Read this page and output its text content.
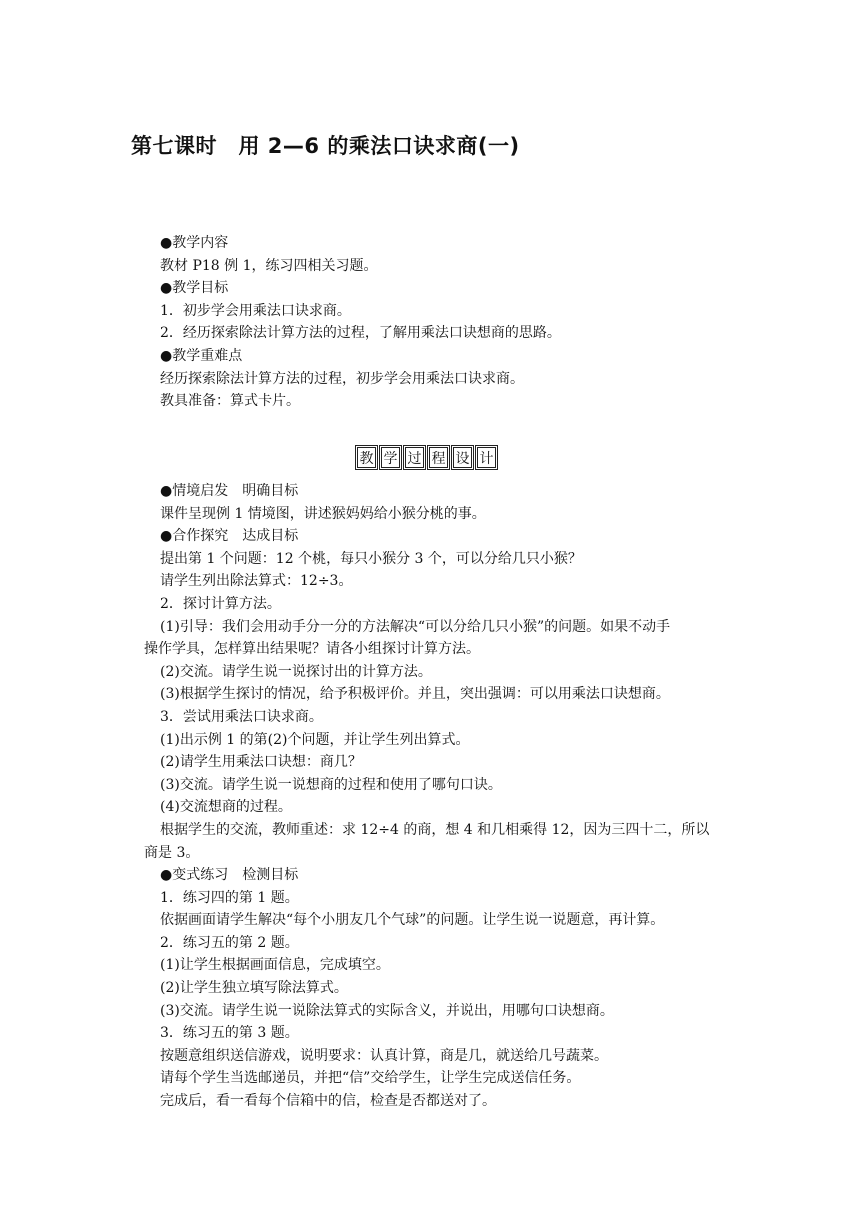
第七课时　用 2—6 的乘法口诀求商(一)
●教学内容
教材 P18 例 1，练习四相关习题。
●教学目标
1．初步学会用乘法口诀求商。
2．经历探索除法计算方法的过程，了解用乘法口诀想商的思路。
●教学重难点
经历探索除法计算方法的过程，初步学会用乘法口诀求商。
教具准备：算式卡片。
教 学 过 程 设 计
●情境启发　明确目标
课件呈现例 1 情境图，讲述猴妈妈给小猴分桃的事。
●合作探究　达成目标
提出第 1 个问题：12 个桃，每只小猴分 3 个，可以分给几只小猴？
请学生列出除法算式：12÷3。
2．探讨计算方法。
(1)引导：我们会用动手分一分的方法解决“可以分给几只小猴”的问题。如果不动手
操作学具，怎样算出结果呢？请各小组探讨计算方法。
(2)交流。请学生说一说探讨出的计算方法。
(3)根据学生探讨的情况，给予积极评价。并且，突出强调：可以用乘法口诀想商。
3．尝试用乘法口诀求商。
(1)出示例 1 的第(2)个问题，并让学生列出算式。
(2)请学生用乘法口诀想：商几？
(3)交流。请学生说一说想商的过程和使用了哪句口诀。
(4)交流想商的过程。
根据学生的交流，教师重述：求 12÷4 的商，想 4 和几相乘得 12，因为三四十二，所以
商是 3。
●变式练习　检测目标
1．练习四的第 1 题。
依据画面请学生解决“每个小朋友几个气球”的问题。让学生说一说题意，再计算。
2．练习五的第 2 题。
(1)让学生根据画面信息，完成填空。
(2)让学生独立填写除法算式。
(3)交流。请学生说一说除法算式的实际含义，并说出，用哪句口诀想商。
3．练习五的第 3 题。
按题意组织送信游戏，说明要求：认真计算，商是几，就送给几号蔬菜。
请每个学生当选邮递员，并把“信”交给学生，让学生完成送信任务。
完成后，看一看每个信箱中的信，检查是否都送对了。
